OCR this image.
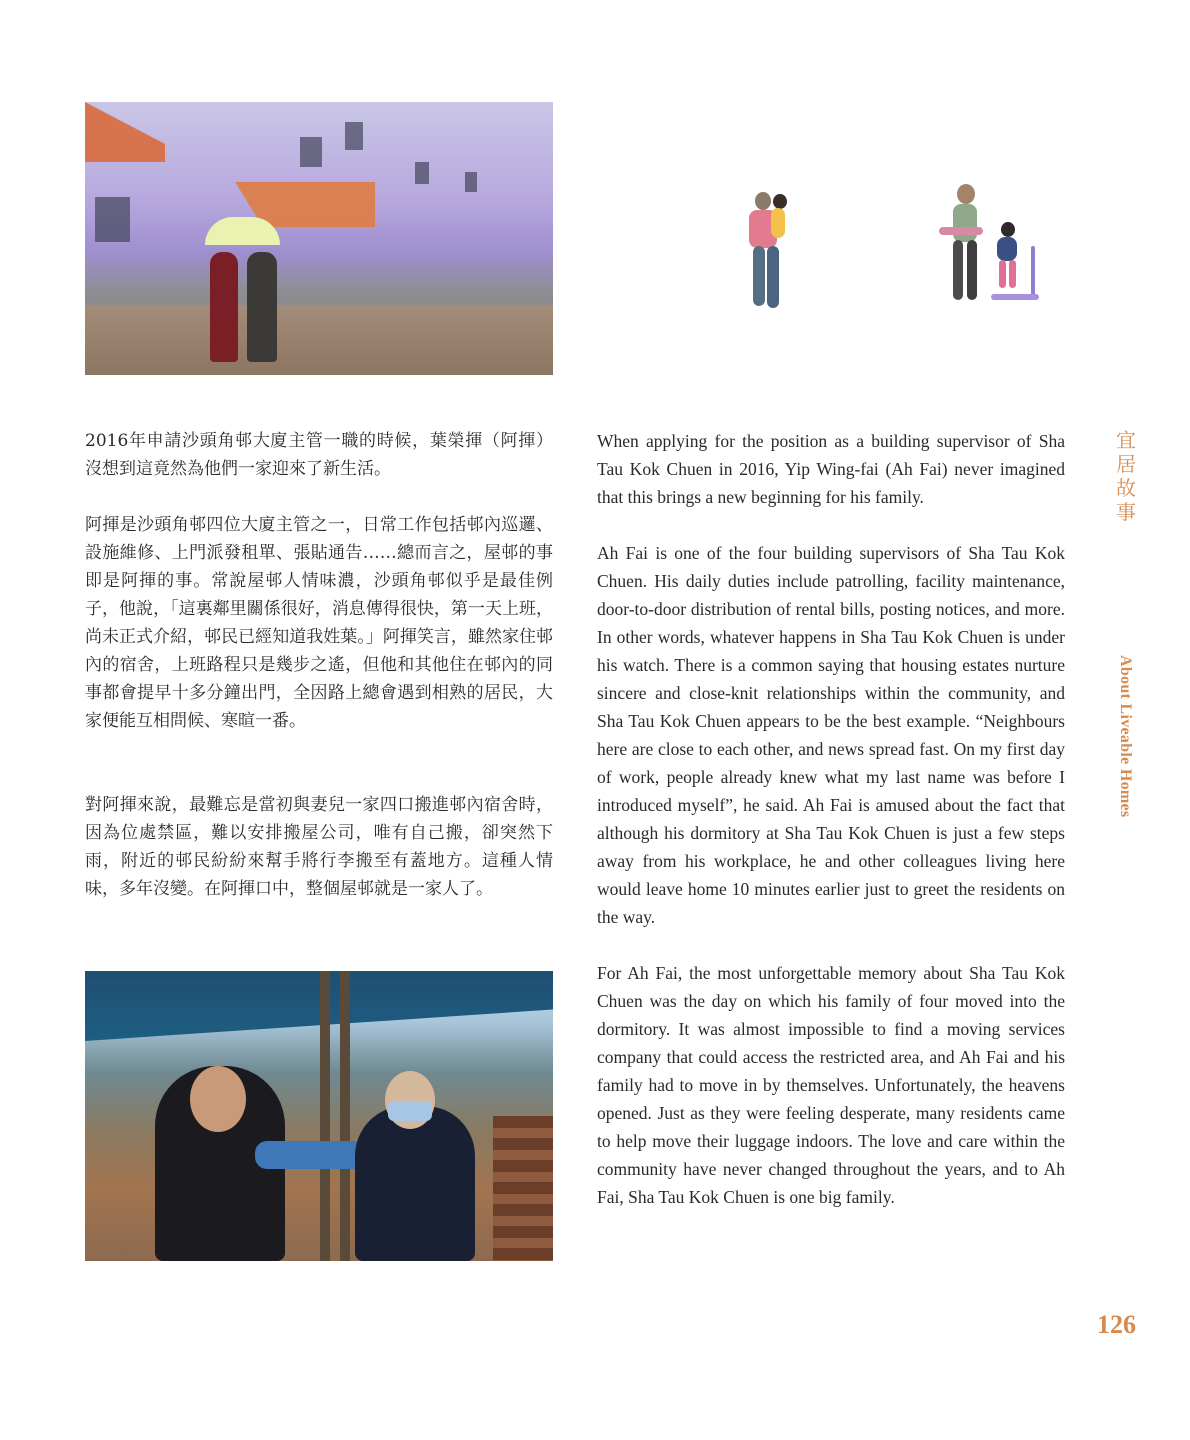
2016年申請沙頭角邨大廈主管一職的時候，葉榮揮（阿揮）沒想到這竟然為他們一家迎來了新生活。

阿揮是沙頭角邨四位大廈主管之一，日常工作包括邨內巡邏、設施維修、上門派發租單、張貼通告……總而言之，屋邨的事即是阿揮的事。常說屋邨人情味濃，沙頭角邨似乎是最佳例子，他說，「這裏鄰里關係很好，消息傳得很快，第一天上班，尚未正式介紹，邨民已經知道我姓葉。」阿揮笑言，雖然家住邨內的宿舍，上班路程只是幾步之遙，但他和其他住在邨內的同事都會提早十多分鐘出門，全因路上總會遇到相熟的居民，大家便能互相問候、寒暄一番。

對阿揮來說，最難忘是當初與妻兒一家四口搬進邨內宿舍時，因為位處禁區，難以安排搬屋公司，唯有自己搬，卻突然下雨，附近的邨民紛紛來幫手將行李搬至有蓋地方。這種人情味，多年沒變。在阿揮口中，整個屋邨就是一家人了。

When applying for the position as a building supervisor of Sha Tau Kok Chuen in 2016, Yip Wing-fai (Ah Fai) never imagined that this brings a new beginning for his family.

Ah Fai is one of the four building supervisors of Sha Tau Kok Chuen. His daily duties include patrolling, facility maintenance, door-to-door distribution of rental bills, posting notices, and more. In other words, whatever happens in Sha Tau Kok Chuen is under his watch. There is a common saying that housing estates nurture sincere and close-knit relationships within the community, and Sha Tau Kok Chuen appears to be the best example. “Neighbours here are close to each other, and news spread fast. On my first day of work, people already knew what my last name was before I introduced myself”, he said. Ah Fai is amused about the fact that although his dormitory at Sha Tau Kok Chuen is just a few steps away from his workplace, he and other colleagues living here would leave home 10 minutes earlier just to greet the residents on the way.

For Ah Fai, the most unforgettable memory about Sha Tau Kok Chuen was the day on which his family of four moved into the dormitory. It was almost impossible to find a moving services company that could access the restricted area, and Ah Fai and his family had to move in by themselves. Unfortunately, the heavens opened. Just as they were feeling desperate, many residents came to help move their luggage indoors. The love and care within the community have never changed throughout the years, and to Ah Fai, Sha Tau Kok Chuen is one big family.

宜居故事
About Liveable Homes
126
